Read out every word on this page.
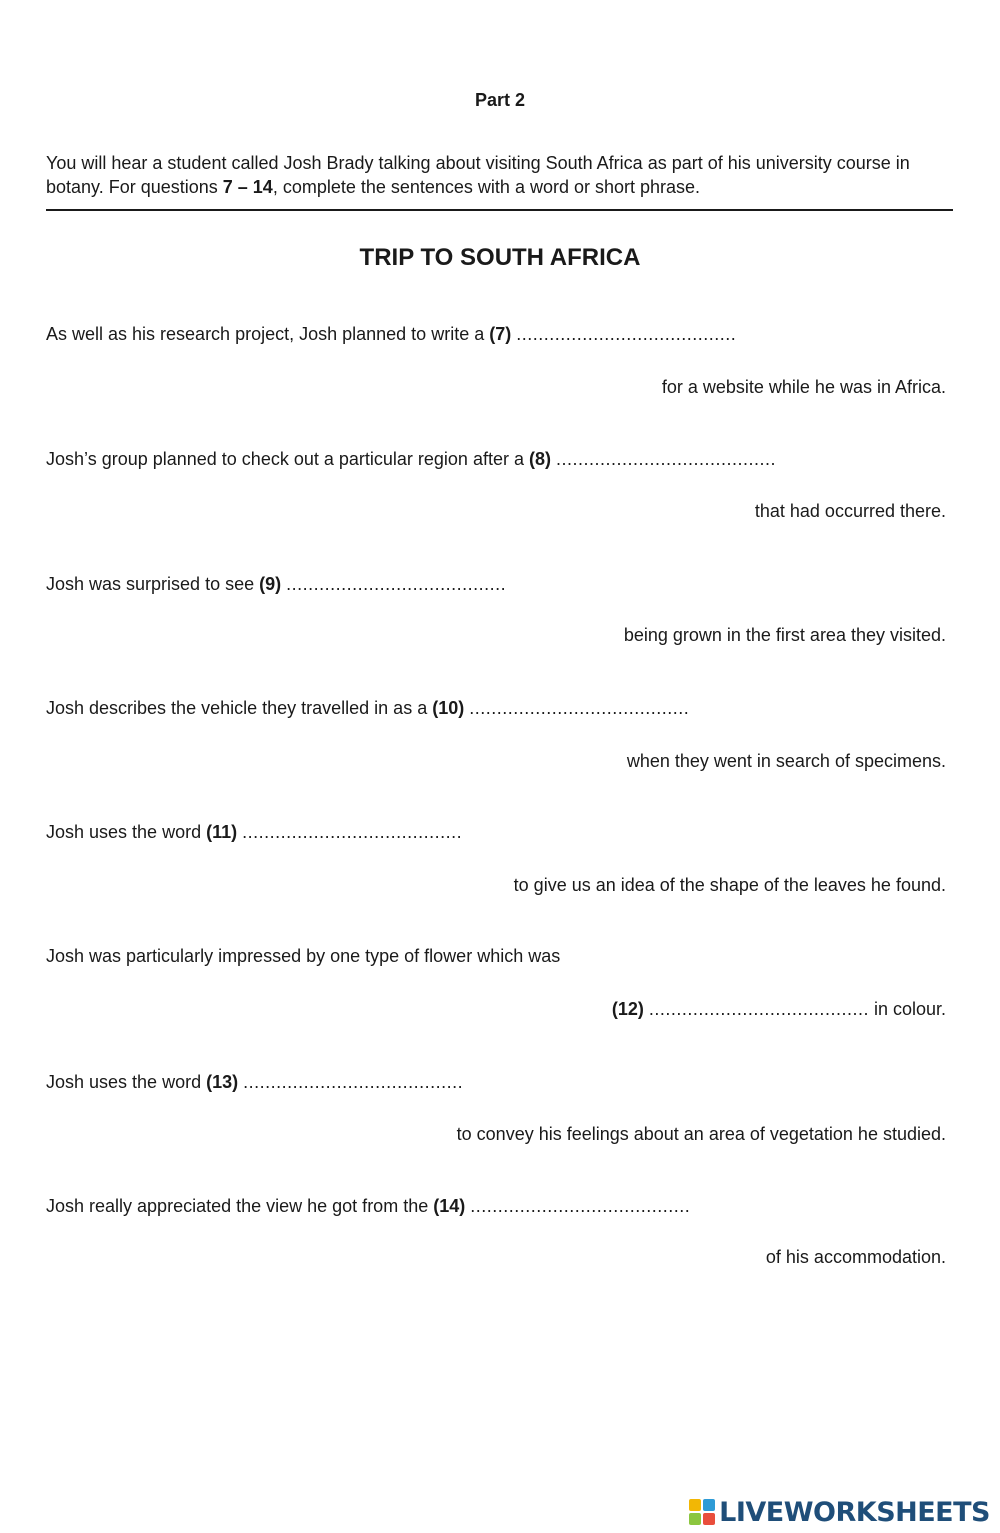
Part 2

You will hear a student called Josh Brady talking about visiting South Africa as part of his university course in botany. For questions 7 – 14, complete the sentences with a word or short phrase.

TRIP TO SOUTH AFRICA

As well as his research project, Josh planned to write a (7) ........................................

for a website while he was in Africa.

Josh’s group planned to check out a particular region after a (8) ........................................

that had occurred there.

Josh was surprised to see (9) ........................................

being grown in the first area they visited.

Josh describes the vehicle they travelled in as a (10) ........................................

when they went in search of specimens.

Josh uses the word (11) ........................................

to give us an idea of the shape of the leaves he found.

Josh was particularly impressed by one type of flower which was

(12) ........................................ in colour.

Josh uses the word (13) ........................................

to convey his feelings about an area of vegetation he studied.

Josh really appreciated the view he got from the (14) ........................................

of his accommodation.

LIVEWORKSHEETS
